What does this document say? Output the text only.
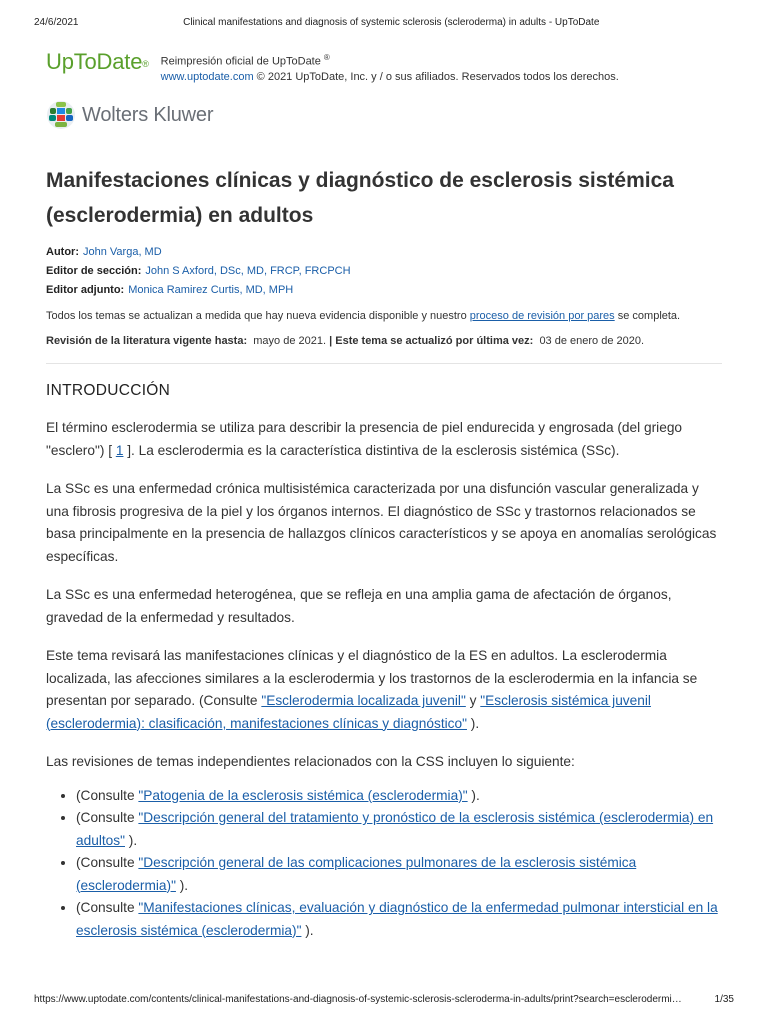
24/6/2021	Clinical manifestations and diagnosis of systemic sclerosis (scleroderma) in adults - UpToDate
UpToDate® Reimpresión oficial de UpToDate ®
www.uptodate.com © 2021 UpToDate, Inc. y / o sus afiliados. Reservados todos los derechos.
Wolters Kluwer
Manifestaciones clínicas y diagnóstico de esclerosis sistémica (esclerodermia) en adultos
Autor: John Varga, MD
Editor de sección: John S Axford, DSc, MD, FRCP, FRCPCH
Editor adjunto: Monica Ramirez Curtis, MD, MPH
Todos los temas se actualizan a medida que hay nueva evidencia disponible y nuestro proceso de revisión por pares se completa.
Revisión de la literatura vigente hasta: mayo de 2021. | Este tema se actualizó por última vez: 03 de enero de 2020.
INTRODUCCIÓN

El término esclerodermia se utiliza para describir la presencia de piel endurecida y engrosada (del griego "esclero") [ 1 ]. La esclerodermia es la característica distintiva de la esclerosis sistémica (SSc).

La SSc es una enfermedad crónica multisistémica caracterizada por una disfunción vascular generalizada y una fibrosis progresiva de la piel y los órganos internos. El diagnóstico de SSc y trastornos relacionados se basa principalmente en la presencia de hallazgos clínicos característicos y se apoya en anomalías serológicas específicas.

La SSc es una enfermedad heterogénea, que se refleja en una amplia gama de afectación de órganos, gravedad de la enfermedad y resultados.

Este tema revisará las manifestaciones clínicas y el diagnóstico de la ES en adultos. La esclerodermia localizada, las afecciones similares a la esclerodermia y los trastornos de la esclerodermia en la infancia se presentan por separado. (Consulte "Esclerodermia localizada juvenil" y "Esclerosis sistémica juvenil (esclerodermia): clasificación, manifestaciones clínicas y diagnóstico" ).

Las revisiones de temas independientes relacionados con la CSS incluyen lo siguiente:

• (Consulte "Patogenia de la esclerosis sistémica (esclerodermia)" ).
• (Consulte "Descripción general del tratamiento y pronóstico de la esclerosis sistémica (esclerodermia) en adultos" ).
• (Consulte "Descripción general de las complicaciones pulmonares de la esclerosis sistémica (esclerodermia)" ).
• (Consulte "Manifestaciones clínicas, evaluación y diagnóstico de la enfermedad pulmonar intersticial en la esclerosis sistémica (esclerodermia)" ).
https://www.uptodate.com/contents/clinical-manifestations-and-diagnosis-of-systemic-sclerosis-scleroderma-in-adults/print?search=esclerodermi…	1/35
